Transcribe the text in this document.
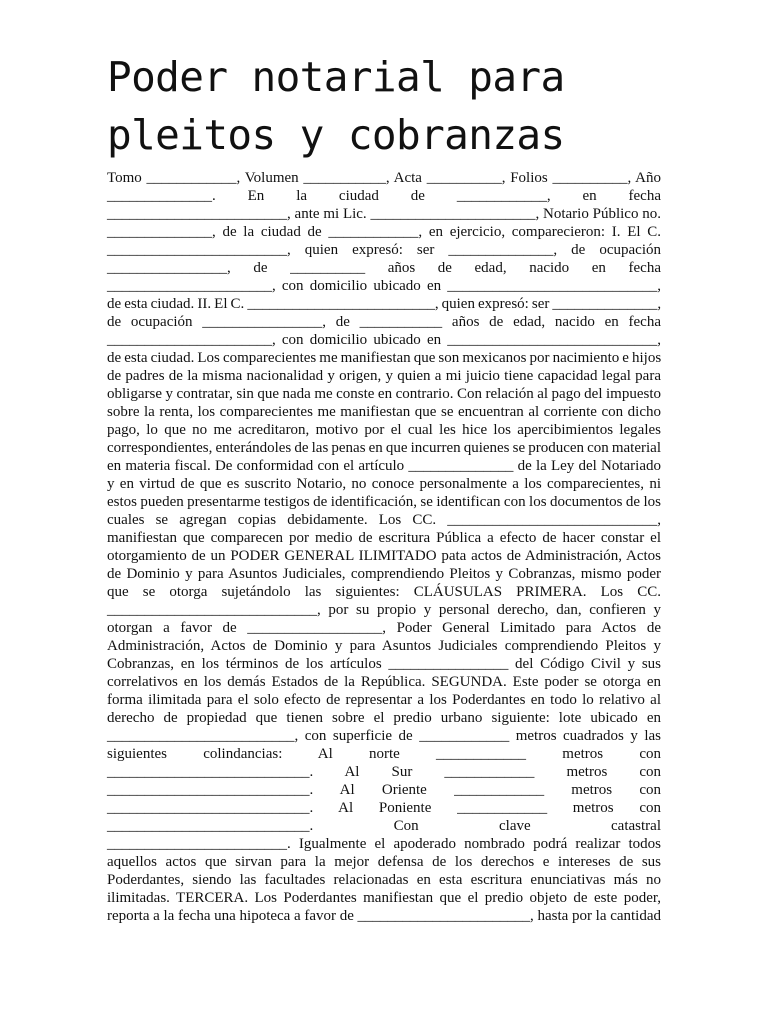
Poder notarial para
pleitos y cobranzas
Tomo ____________, Volumen ___________, Acta __________, Folios __________, Año
______________. En la ciudad de ____________, en fecha
________________________, ante mi Lic. ______________________, Notario Público no.
______________, de la ciudad de ____________, en ejercicio, comparecieron: I. El C.
________________________, quien expresó: ser ______________, de ocupación
________________, de __________ años de edad, nacido en fecha
______________________, con domicilio ubicado en ____________________________,
de esta ciudad. II. El C. _________________________, quien expresó: ser ______________,
de ocupación ________________, de ___________ años de edad, nacido en fecha
______________________, con domicilio ubicado en ____________________________,
de esta ciudad. Los comparecientes me manifiestan que son mexicanos por nacimiento e hijos
de padres de la misma nacionalidad y origen, y quien a mi juicio tiene capacidad legal para
obligarse y contratar, sin que nada me conste en contrario. Con relación al pago del impuesto
sobre la renta, los comparecientes me manifiestan que se encuentran al corriente con dicho
pago, lo que no me acreditaron, motivo por el cual les hice los apercibimientos legales
correspondientes, enterándoles de las penas en que incurren quienes se producen con material
en materia fiscal. De conformidad con el artículo ______________ de la Ley del Notariado
y en virtud de que es suscrito Notario, no conoce personalmente a los comparecientes, ni
estos pueden presentarme testigos de identificación, se identifican con los documentos de los
cuales se agregan copias debidamente. Los CC. ____________________________,
manifiestan que comparecen por medio de escritura Pública a efecto de hacer constar el
otorgamiento de un PODER GENERAL ILIMITADO pata actos de Administración, Actos
de Dominio y para Asuntos Judiciales, comprendiendo Pleitos y Cobranzas, mismo poder
que se otorga sujetándolo las siguientes: CLÁUSULAS PRIMERA. Los CC.
____________________________, por su propio y personal derecho, dan, confieren y
otorgan a favor de __________________, Poder General Limitado para Actos de
Administración, Actos de Dominio y para Asuntos Judiciales comprendiendo Pleitos y
Cobranzas, en los términos de los artículos ________________ del Código Civil y sus
correlativos en los demás Estados de la República. SEGUNDA. Este poder se otorga en
forma ilimitada para el solo efecto de representar a los Poderdantes en todo lo relativo al
derecho de propiedad que tienen sobre el predio urbano siguiente: lote ubicado en
_________________________, con superficie de ____________ metros cuadrados y las
siguientes colindancias: Al norte ____________ metros con
___________________________. Al Sur ____________ metros con
___________________________. Al Oriente ____________ metros con
___________________________. Al Poniente ____________ metros con
___________________________. Con clave catastral
________________________. Igualmente el apoderado nombrado podrá realizar todos
aquellos actos que sirvan para la mejor defensa de los derechos e intereses de sus
Poderdantes, siendo las facultades relacionadas en esta escritura enunciativas más no
ilimitadas. TERCERA. Los Poderdantes manifiestan que el predio objeto de este poder,
reporta a la fecha una hipoteca a favor de _______________________, hasta por la cantidad
